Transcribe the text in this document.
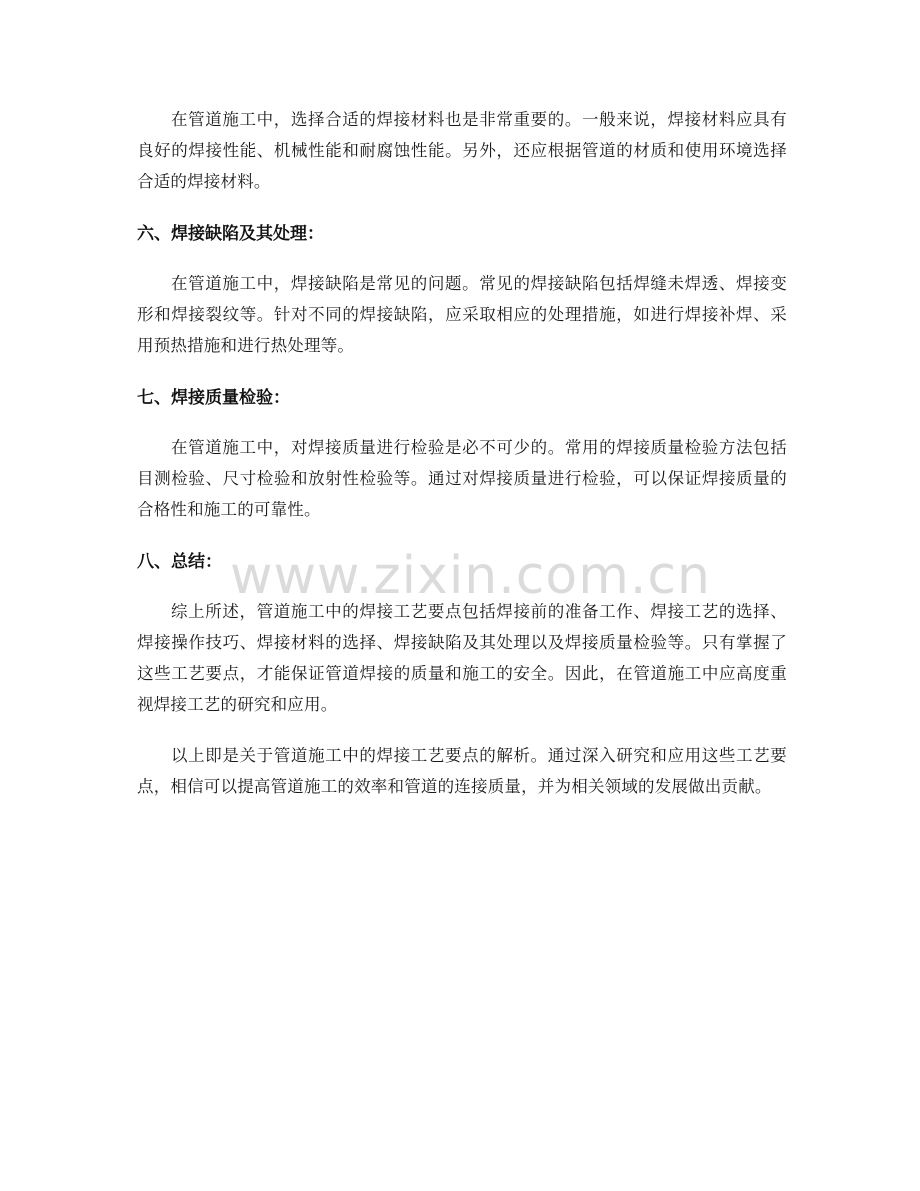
在管道施工中，选择合适的焊接材料也是非常重要的。一般来说，焊接材料应具有良好的焊接性能、机械性能和耐腐蚀性能。另外，还应根据管道的材质和使用环境选择合适的焊接材料。

六、焊接缺陷及其处理：

在管道施工中，焊接缺陷是常见的问题。常见的焊接缺陷包括焊缝未焊透、焊接变形和焊接裂纹等。针对不同的焊接缺陷，应采取相应的处理措施，如进行焊接补焊、采用预热措施和进行热处理等。

七、焊接质量检验：

在管道施工中，对焊接质量进行检验是必不可少的。常用的焊接质量检验方法包括目测检验、尺寸检验和放射性检验等。通过对焊接质量进行检验，可以保证焊接质量的合格性和施工的可靠性。

八、总结：

综上所述，管道施工中的焊接工艺要点包括焊接前的准备工作、焊接工艺的选择、焊接操作技巧、焊接材料的选择、焊接缺陷及其处理以及焊接质量检验等。只有掌握了这些工艺要点，才能保证管道焊接的质量和施工的安全。因此，在管道施工中应高度重视焊接工艺的研究和应用。

以上即是关于管道施工中的焊接工艺要点的解析。通过深入研究和应用这些工艺要点，相信可以提高管道施工的效率和管道的连接质量，并为相关领域的发展做出贡献。

www.zixin.com.cn
